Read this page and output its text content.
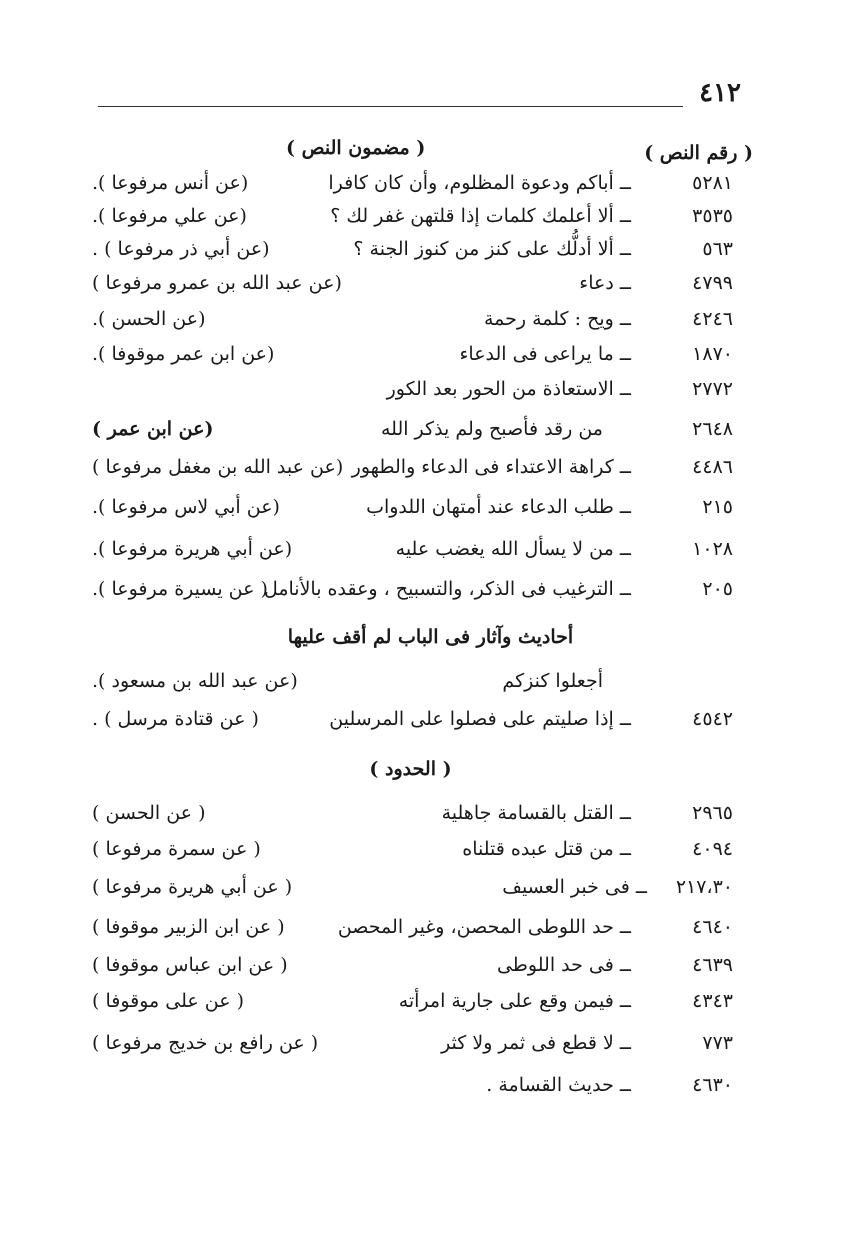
٤١٢
( رقم النص )
( مضمون النص )
٥٢٨١
ــ أباكم ودعوة المظلوم، وأن كان كافرا
(عن أنس مرفوعا ).
٣٥٣٥
ــ ألا أعلمك كلمات إذا قلتهن غفر لك ؟
(عن علي مرفوعا ).
٥٦٣
ــ ألا أدلُّك على كنز من كنوز الجنة ؟
(عن أبي ذر مرفوعا ) .
٤٧٩٩
ــ دعاء
(عن عبد الله بن عمرو مرفوعا )
٤٢٤٦
ــ ويح : كلمة رحمة
(عن الحسن ).
١٨٧٠
ــ ما يراعى فى الدعاء
(عن ابن عمر موقوفا ).
٢٧٧٢
ــ الاستعاذة من الحور بعد الكور
٢٦٤٨
من رقد فأصبح ولم يذكر الله
(عن ابن عمر )
٤٤٨٦
ــ كراهة الاعتداء فى الدعاء والطهور
(عن عبد الله بن مغفل مرفوعا )
٢١٥
ــ طلب الدعاء عند أمتهان اللدواب
(عن أبي لاس مرفوعا ).
١٠٢٨
ــ من لا يسأل الله يغضب عليه
(عن أبي هريرة مرفوعا ).
٢٠٥
ــ الترغيب فى الذكر، والتسبيح ، وعقده بالأنامل
( عن يسيرة مرفوعا ).
أحاديث وآثار فى الباب لم أقف عليها
أجعلوا كنزكم
(عن عبد الله بن مسعود ).
٤٥٤٢
ــ إذا صليتم على فصلوا على المرسلين
( عن قتادة مرسل ) .
( الحدود )
٢٩٦٥
ــ القتل بالقسامة جاهلية
( عن الحسن )
٤٠٩٤
ــ من قتل عبده قتلناه
( عن سمرة مرفوعا )
٢١٧،٣٠
ــ فى خبر العسيف
( عن أبي هريرة مرفوعا )
٤٦٤٠
ــ حد اللوطى المحصن، وغير المحصن
( عن ابن الزبير موقوفا )
٤٦٣٩
ــ فى حد اللوطى
( عن ابن عباس موقوفا )
٤٣٤٣
ــ فيمن وقع على جارية امرأته
( عن على موقوفا )
٧٧٣
ــ لا قطع فى ثمر ولا كثر
( عن رافع بن خديج مرفوعا )
٤٦٣٠
ــ حديث القسامة .
